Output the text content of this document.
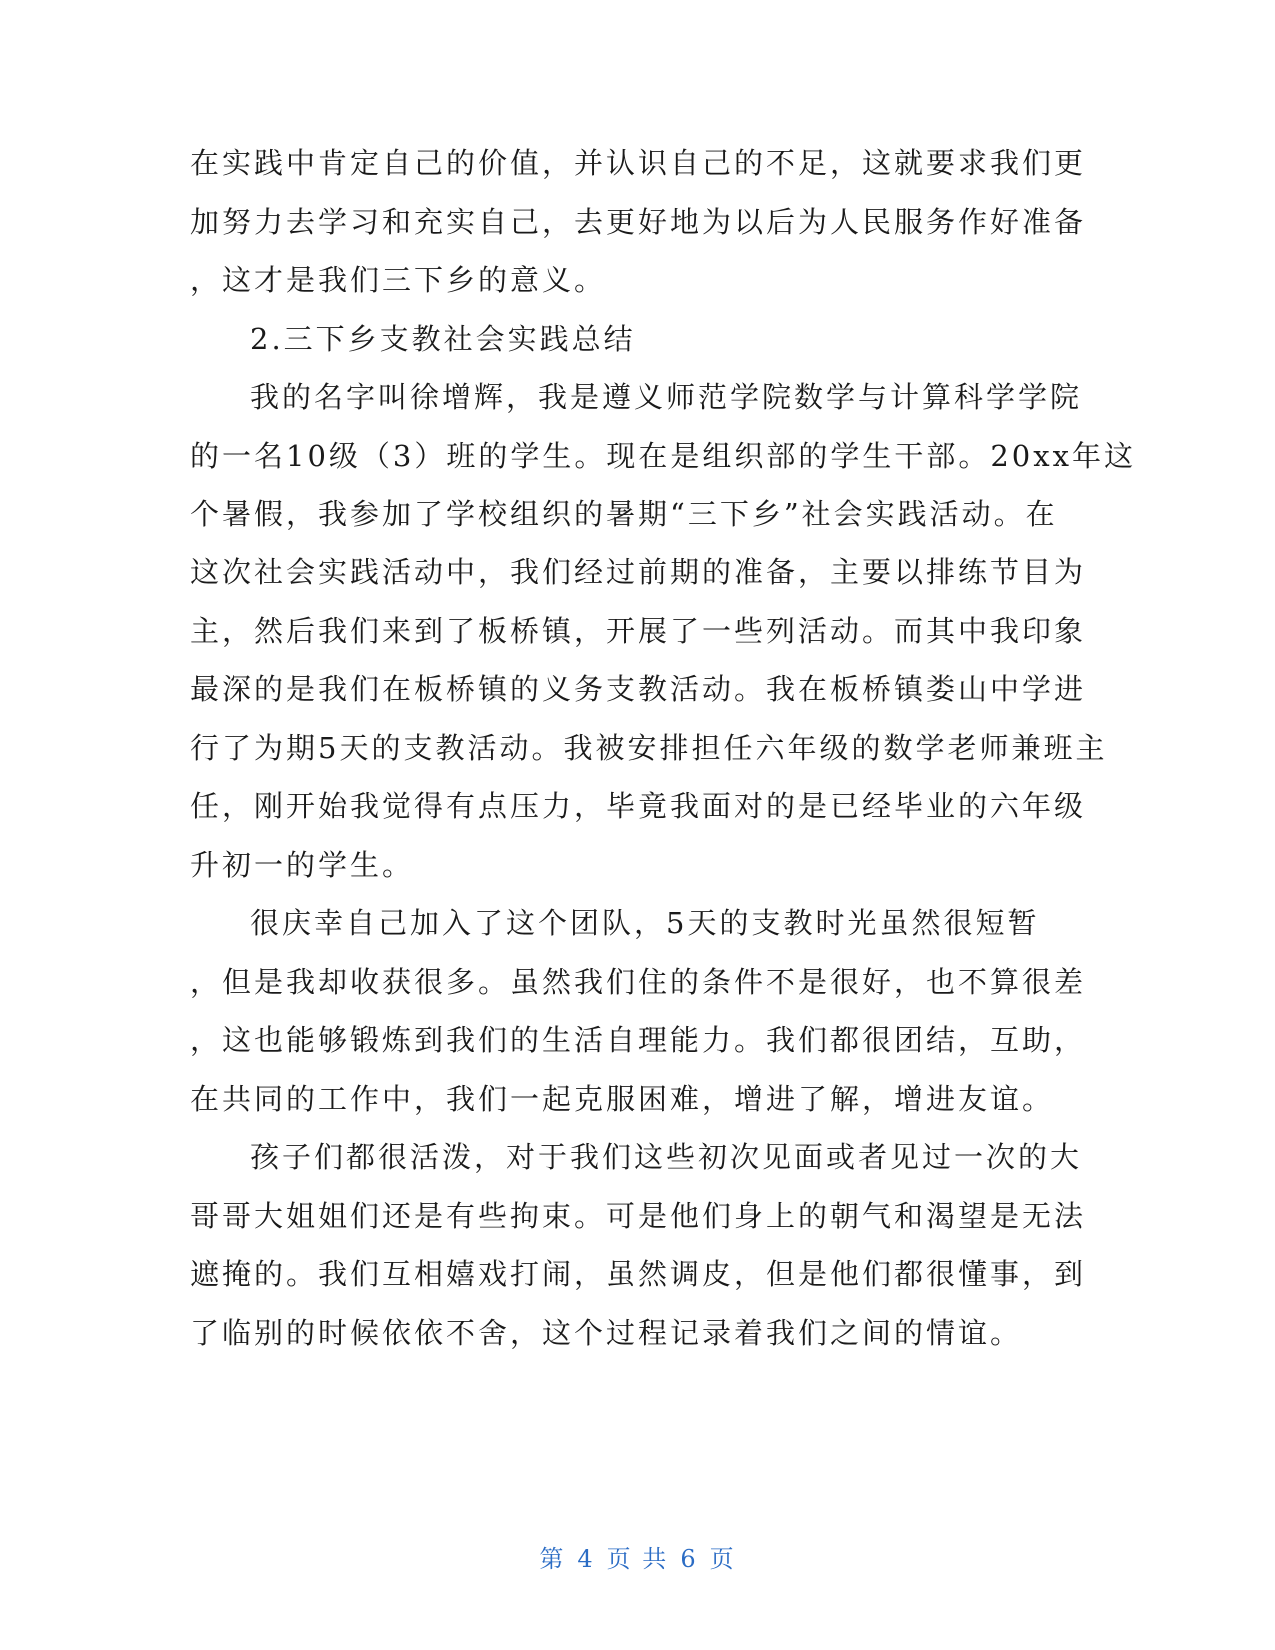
在实践中肯定自己的价值，并认识自己的不足，这就要求我们更
加努力去学习和充实自己，去更好地为以后为人民服务作好准备
，这才是我们三下乡的意义。
2.三下乡支教社会实践总结
我的名字叫徐增辉，我是遵义师范学院数学与计算科学学院
的一名10级（3）班的学生。现在是组织部的学生干部。20xx年这
个暑假，我参加了学校组织的暑期“三下乡”社会实践活动。在
这次社会实践活动中，我们经过前期的准备，主要以排练节目为
主，然后我们来到了板桥镇，开展了一些列活动。而其中我印象
最深的是我们在板桥镇的义务支教活动。我在板桥镇娄山中学进
行了为期5天的支教活动。我被安排担任六年级的数学老师兼班主
任，刚开始我觉得有点压力，毕竟我面对的是已经毕业的六年级
升初一的学生。
很庆幸自己加入了这个团队，5天的支教时光虽然很短暂
，但是我却收获很多。虽然我们住的条件不是很好，也不算很差
，这也能够锻炼到我们的生活自理能力。我们都很团结，互助，
在共同的工作中，我们一起克服困难，增进了解，增进友谊。
孩子们都很活泼，对于我们这些初次见面或者见过一次的大
哥哥大姐姐们还是有些拘束。可是他们身上的朝气和渴望是无法
遮掩的。我们互相嬉戏打闹，虽然调皮，但是他们都很懂事，到
了临别的时候依依不舍，这个过程记录着我们之间的情谊。
第 4 页 共 6 页
